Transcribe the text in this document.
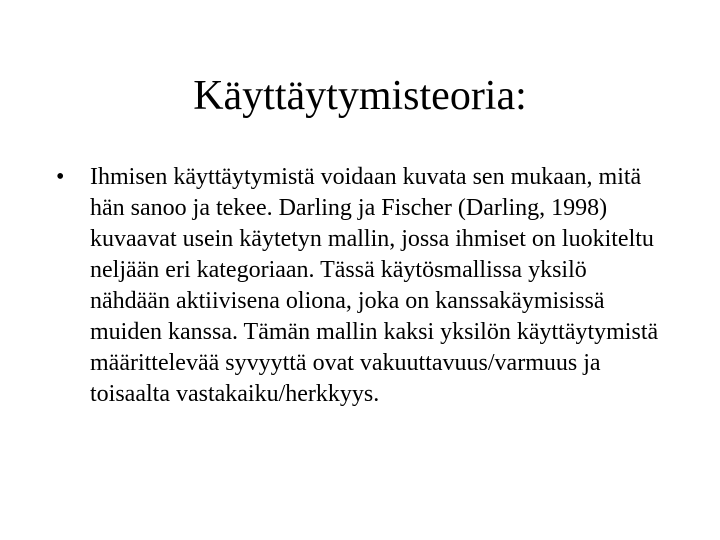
Käyttäytymisteoria:
•	Ihmisen käyttäytymistä voidaan kuvata sen mukaan, mitä hän sanoo ja tekee. Darling ja Fischer (Darling, 1998) kuvaavat usein käytetyn mallin, jossa ihmiset on luokiteltu neljään eri kategoriaan. Tässä käytösmallissa yksilö nähdään aktiivisena oliona, joka on kanssakäymisissä muiden kanssa. Tämän mallin kaksi yksilön käyttäytymistä määrittelevää syvyyttä ovat vakuuttavuus/varmuus ja toisaalta vastakaiku/herkkyys.
